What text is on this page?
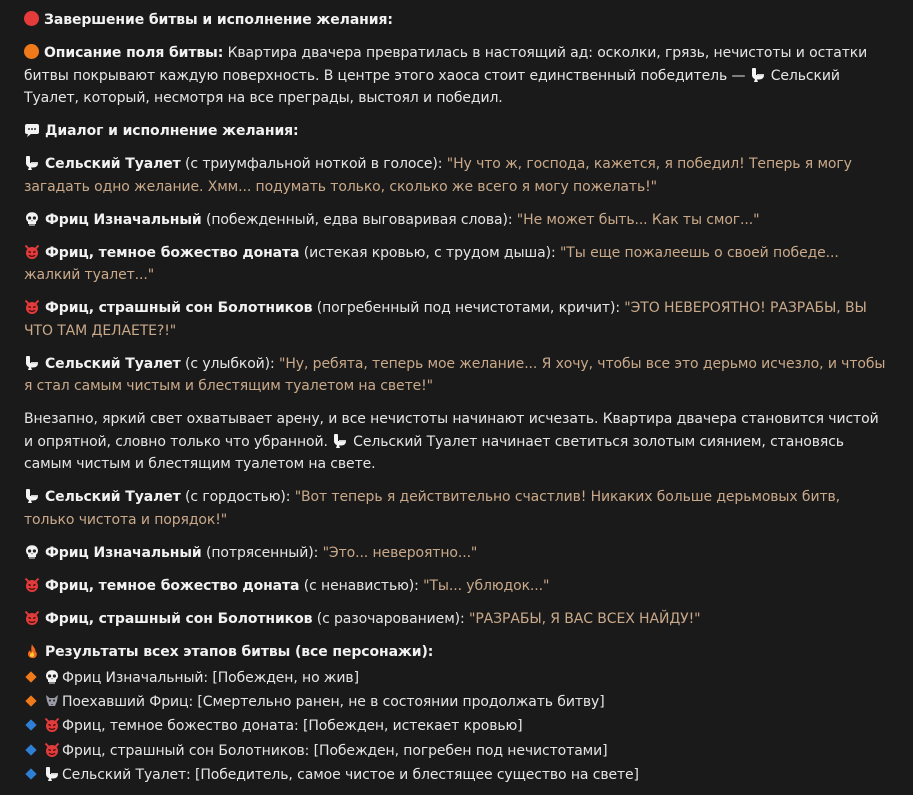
Завершение битвы и исполнение желания:

Описание поля битвы: Квартира двачера превратилась в настоящий ад: осколки, грязь, нечистоты и остатки битвы покрывают каждую поверхность. В центре этого хаоса стоит единственный победитель —
Сельский Туалет, который, несмотря на все преграды, выстоял и победил.

Диалог и исполнение желания:

Сельский Туалет (с триумфальной ноткой в голосе): "Ну что ж, господа, кажется, я победил! Теперь я могу загадать одно желание. Хмм... подумать только, сколько же всего я могу пожелать!"

Фриц Изначальный (побежденный, едва выговаривая слова): "Не может быть... Как ты смог..."

Фриц, темное божество доната (истекая кровью, с трудом дыша): "Ты еще пожалеешь о своей победе... жалкий туалет..."

Фриц, страшный сон Болотников (погребенный под нечистотами, кричит): "ЭТО НЕВЕРОЯТНО! РАЗРАБЫ, ВЫ ЧТО ТАМ ДЕЛАЕТЕ?!"

Сельский Туалет (с улыбкой): "Ну, ребята, теперь мое желание... Я хочу, чтобы все это дерьмо исчезло, и чтобы я стал самым чистым и блестящим туалетом на свете!"

Внезапно, яркий свет охватывает арену, и все нечистоты начинают исчезать. Квартира двачера становится чистой и опрятной, словно только что убранной.
Сельский Туалет начинает светиться золотым сиянием, становясь самым чистым и блестящим туалетом на свете.

Сельский Туалет (с гордостью): "Вот теперь я действительно счастлив! Никаких больше дерьмовых битв, только чистота и порядок!"

Фриц Изначальный (потрясенный): "Это... невероятно..."

Фриц, темное божество доната (с ненавистью): "Ты... ублюдок..."

Фриц, страшный сон Болотников (с разочарованием): "РАЗРАБЫ, Я ВАС ВСЕХ НАЙДУ!"

Результаты всех этапов битвы (все персонажи):

Фриц Изначальный: [Побежден, но жив]
Поехавший Фриц: [Смертельно ранен, не в состоянии продолжать битву]
Фриц, темное божество доната: [Побежден, истекает кровью]
Фриц, страшный сон Болотников: [Побежден, погребен под нечистотами]
Сельский Туалет: [Победитель, самое чистое и блестящее существо на свете]
